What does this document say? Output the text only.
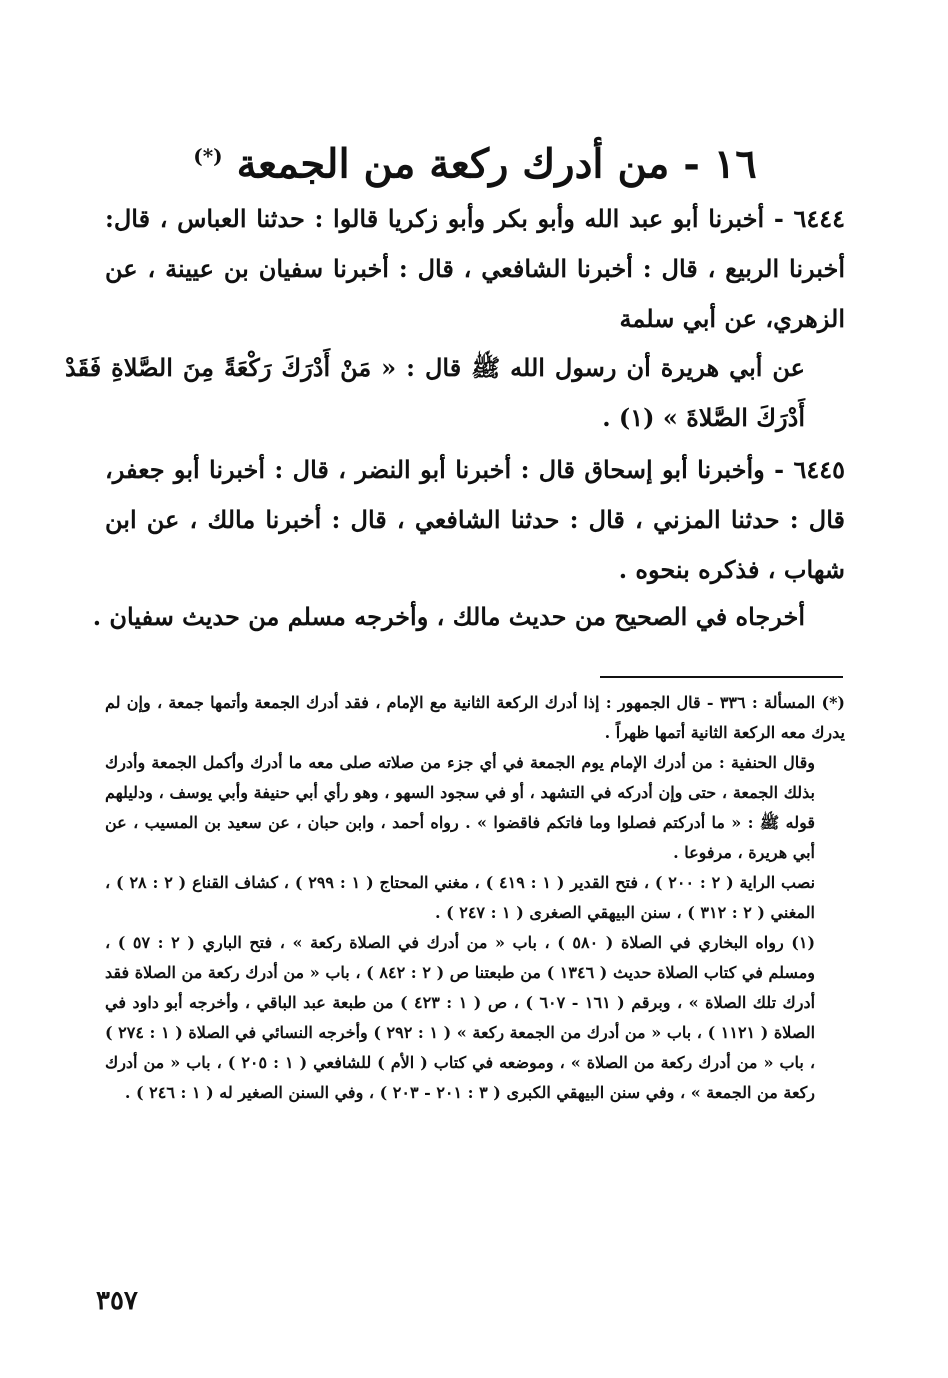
١٦ - من أدرك ركعة من الجمعة (*)

٦٤٤٤ - أخبرنا أبو عبد الله وأبو بكر وأبو زكريا قالوا : حدثنا العباس ، قال: أخبرنا الربيع ، قال : أخبرنا الشافعي ، قال : أخبرنا سفيان بن عيينة ، عن الزهري، عن أبي سلمة

عن أبي هريرة أن رسول الله ﷺ قال : « مَنْ أَدْرَكَ رَكْعَةً مِنَ الصَّلاةِ فَقَدْ أَدْرَكَ الصَّلاةَ » (١) .

٦٤٤٥ - وأخبرنا أبو إسحاق قال : أخبرنا أبو النضر ، قال : أخبرنا أبو جعفر، قال : حدثنا المزني ، قال : حدثنا الشافعي ، قال : أخبرنا مالك ، عن ابن شهاب ، فذكره بنحوه .

أخرجاه في الصحيح من حديث مالك ، وأخرجه مسلم من حديث سفيان .

(*) المسألة : ٣٣٦ - قال الجمهور : إذا أدرك الركعة الثانية مع الإمام ، فقد أدرك الجمعة وأتمها جمعة ، وإن لم يدرك معه الركعة الثانية أتمها ظهراً .

وقال الحنفية : من أدرك الإمام يوم الجمعة في أي جزء من صلاته صلى معه ما أدرك وأكمل الجمعة وأدرك بذلك الجمعة ، حتى وإن أدركه في التشهد ، أو في سجود السهو ، وهو رأي أبي حنيفة وأبي يوسف ، ودليلهم قوله ﷺ : « ما أدركتم فصلوا وما فاتكم فاقضوا » . رواه أحمد ، وابن حبان ، عن سعيد بن المسيب ، عن أبي هريرة ، مرفوعا .

نصب الراية ( ٢ : ٢٠٠ ) ، فتح القدير ( ١ : ٤١٩ ) ، مغني المحتاج ( ١ : ٢٩٩ ) ، كشاف القناع ( ٢ : ٢٨ ) ، المغني ( ٢ : ٣١٢ ) ، سنن البيهقي الصغرى ( ١ : ٢٤٧ ) .

(١) رواه البخاري في الصلاة ( ٥٨٠ ) ، باب « من أدرك في الصلاة ركعة » ، فتح الباري ( ٢ : ٥٧ ) ، ومسلم في كتاب الصلاة حديث ( ١٣٤٦ ) من طبعتنا ص ( ٢ : ٨٤٢ ) ، باب « من أدرك ركعة من الصلاة فقد أدرك تلك الصلاة » ، وبرقم ( ١٦١ - ٦٠٧ ) ، ص ( ١ : ٤٢٣ ) من طبعة عبد الباقي ، وأخرجه أبو داود في الصلاة ( ١١٢١ ) ، باب « من أدرك من الجمعة ركعة » ( ١ : ٢٩٢ ) وأخرجه النسائي في الصلاة ( ١ : ٢٧٤ ) ، باب « من أدرك ركعة من الصلاة » ، وموضعه في كتاب ( الأم ) للشافعي ( ١ : ٢٠٥ ) ، باب « من أدرك ركعة من الجمعة » ، وفي سنن البيهقي الكبرى ( ٣ : ٢٠١ - ٢٠٣ ) ، وفي السنن الصغير له ( ١ : ٢٤٦ ) .

٣٥٧
